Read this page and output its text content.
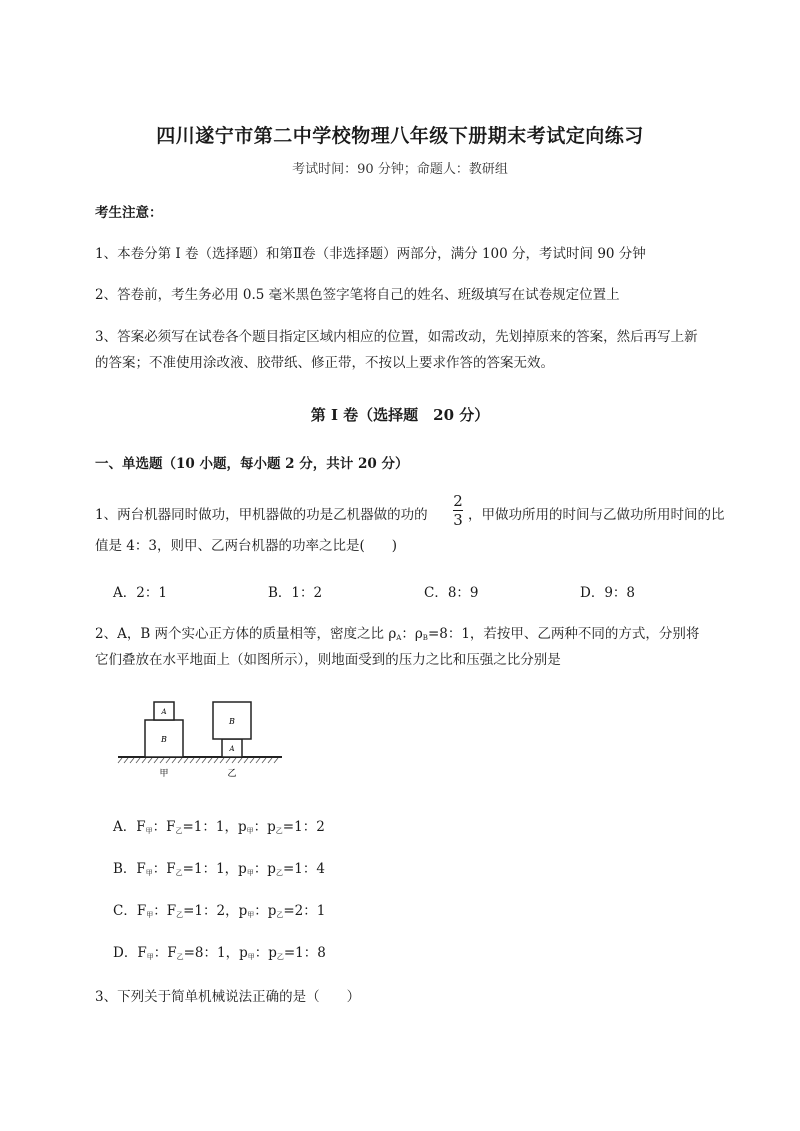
四川遂宁市第二中学校物理八年级下册期末考试定向练习
考试时间：90 分钟；命题人：教研组
考生注意：
1、本卷分第 I 卷（选择题）和第Ⅱ卷（非选择题）两部分，满分 100 分，考试时间 90 分钟
2、答卷前，考生务必用 0.5 毫米黑色签字笔将自己的姓名、班级填写在试卷规定位置上
3、答案必须写在试卷各个题目指定区域内相应的位置，如需改动，先划掉原来的答案，然后再写上新
的答案；不准使用涂改液、胶带纸、修正带，不按以上要求作答的答案无效。
第 I 卷（选择题　20 分）
一、单选题（10 小题，每小题 2 分，共计 20 分）
1、两台机器同时做功，甲机器做的功是乙机器做的功的
2
3 ，甲做功所用的时间与乙做功所用时间的比
值是 4：3，则甲、乙两台机器的功率之比是(　　)
A．2：1	B．1：2	C．8：9	D．9：8
2、A，B 两个实心正方体的质量相等，密度之比 $\rho_A$：$\rho_B=8$：1，若按甲、乙两种不同的方式，分别将
它们叠放在水平地面上（如图所示），则地面受到的压力之比和压强之比分别是
B
A
A
B
甲	乙
A．$F_甲$：$F_乙=1$：1，$p_甲$：$p_乙=1$：2
B．$F_甲$：$F_乙=1$：1，$p_甲$：$p_乙=1$：4
C．$F_甲$：$F_乙=1$：2，$p_甲$：$p_乙=2$：1
D．$F_甲$：$F_乙=8$：1，$p_甲$：$p_乙=1$：8
3、下列关于简单机械说法正确的是（　　）
